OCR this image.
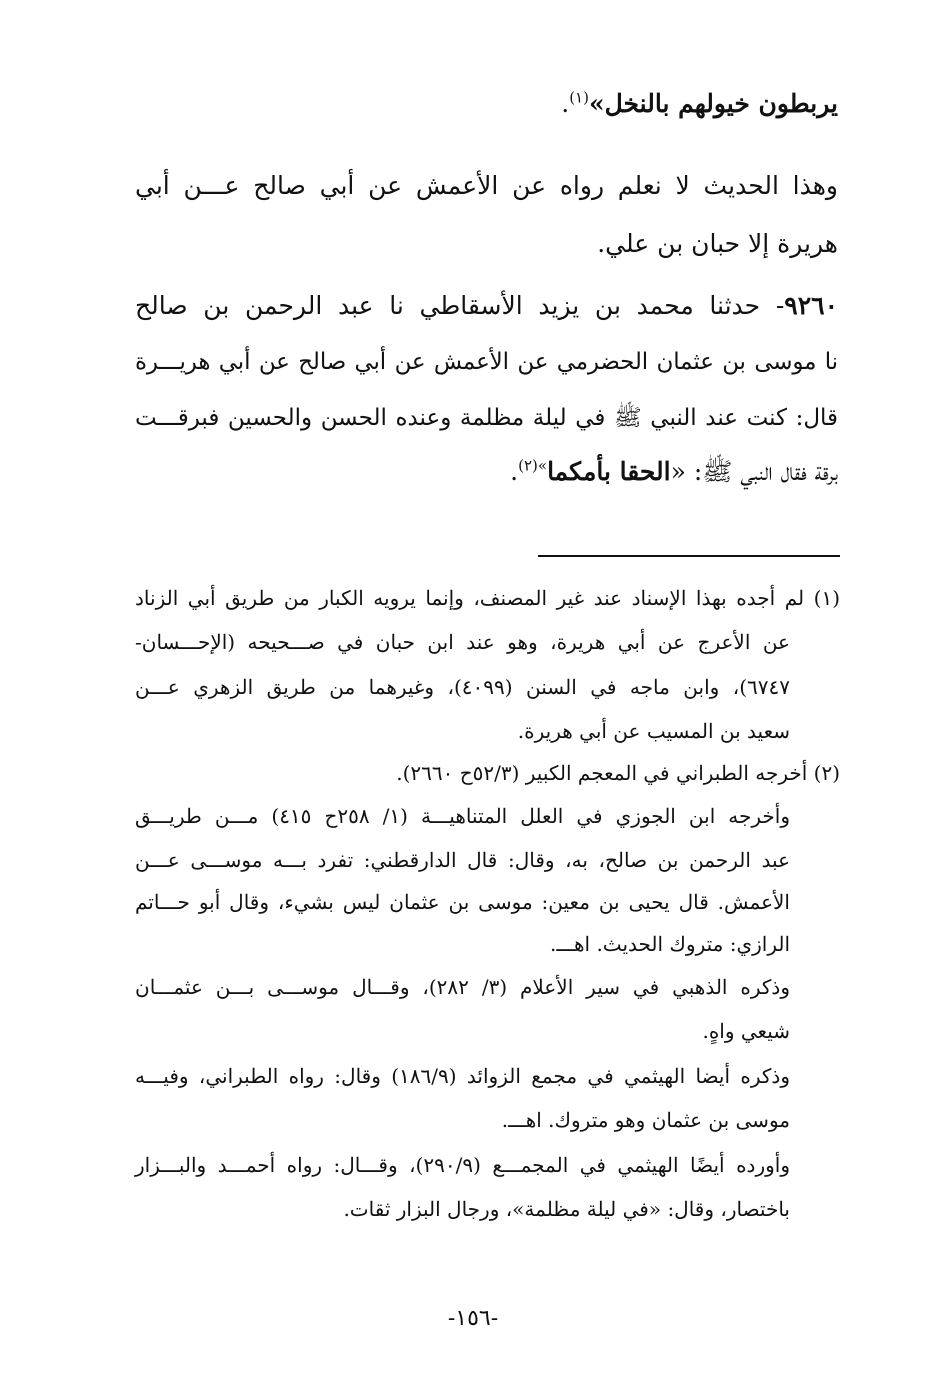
يربطون خيولهم بالنخل»$^{(١)}$.
وهذا الحديث لا نعلم رواه عن الأعمش عن أبي صالح عـــن أبي
هريرة إلا حبان بن علي.
٩٢٦٠- حدثنا محمد بن يزيد الأسقاطي نا عبد الرحمن بن صالح
نا موسى بن عثمان الحضرمي عن الأعمش عن أبي صالح عن أبي هريـــرة
قال: كنت عند النبي ﷺ في ليلة مظلمة وعنده الحسن والحسين فبرقـــت
برقة فقال النبي ﷺ: «الحقا بأمكما$^{»(٢)}$.
(١) لم أجده بهذا الإسناد عند غير المصنف، وإنما يرويه الكبار من طريق أبي الزناد
عن الأعرج عن أبي هريرة، وهو عند ابن حبان في صـــحيحه (الإحـــسان-
٦٧٤٧)، وابن ماجه في السنن (٤٠٩٩)، وغيرهما من طريق الزهري عـــن
سعيد بن المسيب عن أبي هريرة.
(٢) أخرجه الطبراني في المعجم الكبير (٥٢/٣ح ٢٦٦٠).
وأخرجه ابن الجوزي في العلل المتناهيـــة (١/ ٢٥٨ح ٤١٥) مـــن طريـــق
عبد الرحمن بن صالح، به، وقال: قال الدارقطني: تفرد بـــه موســـى عـــن
الأعمش. قال يحيى بن معين: موسى بن عثمان ليس بشيء، وقال أبو حـــاتم
الرازي: متروك الحديث. اهـــ.
وذكره الذهبي في سير الأعلام (٣/ ٢٨٢)، وقـــال موســـى بـــن عثمـــان
شيعي واهٍ.
وذكره أيضا الهيثمي في مجمع الزوائد (١٨٦/٩) وقال: رواه الطبراني، وفيـــه
موسى بن عثمان وهو متروك. اهـــ.
وأورده أيضًا الهيثمي في المجمـــع (٢٩٠/٩)، وقـــال: رواه أحمـــد والبـــزار
باختصار، وقال: «في ليلة مظلمة»، ورجال البزار ثقات.
-١٥٦-
